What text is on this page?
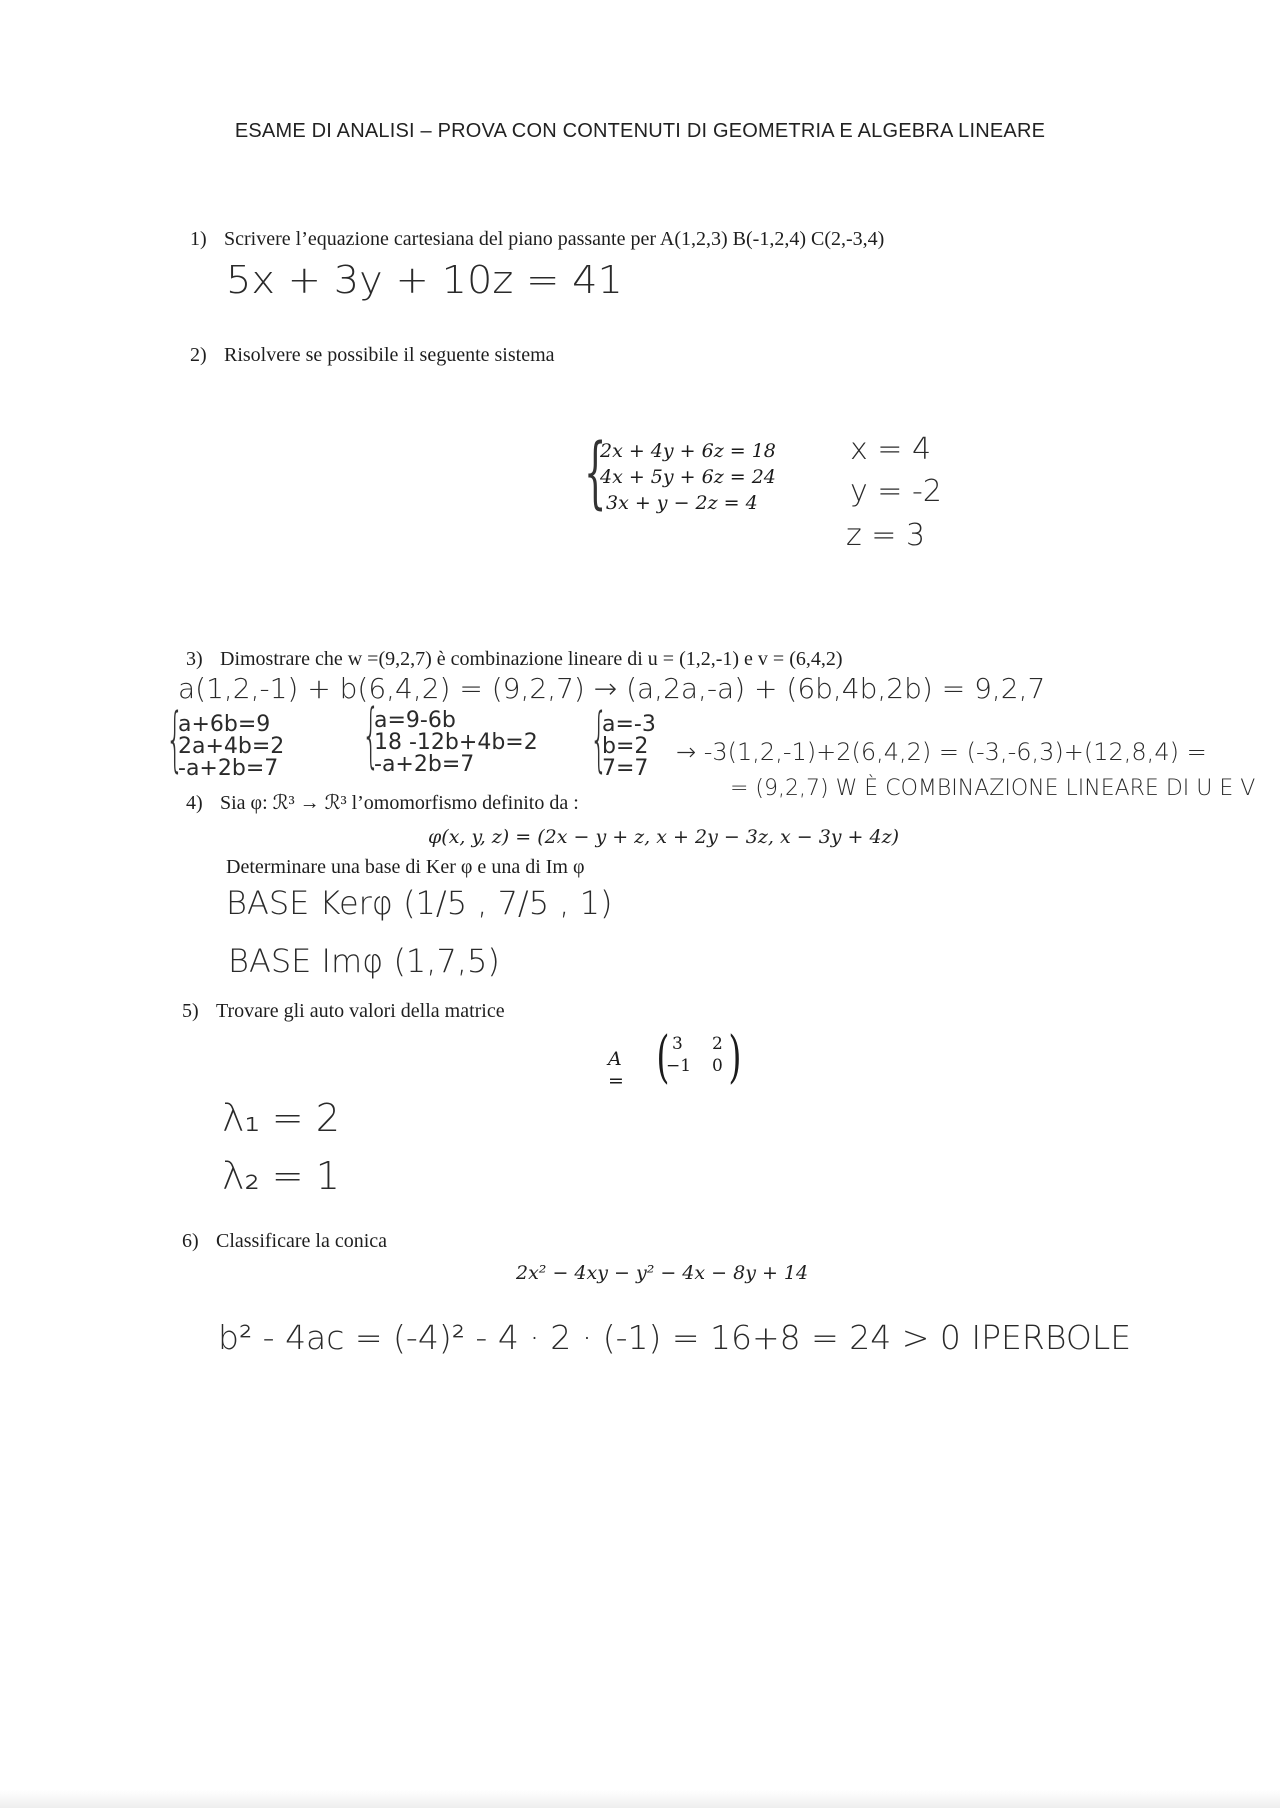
ESAME DI ANALISI – PROVA CON CONTENUTI DI GEOMETRIA E ALGEBRA LINEARE
1) Scrivere l’equazione cartesiana del piano passante per A(1,2,3) B(-1,2,4) C(2,-3,4)
5x + 3y + 10z = 41
2) Risolvere se possibile il seguente sistema
{
2x + 4y + 6z = 18
4x + 5y + 6z = 24
3x + y − 2z = 4
x = 4
y = -2
z = 3
3) Dimostrare che w =(9,2,7) è combinazione lineare di u = (1,2,-1) e v = (6,4,2)
a(1,2,-1) + b(6,4,2) = (9,2,7) → (a,2a,-a) + (6b,4b,2b) = 9,2,7
{
a+6b=9
2a+4b=2
-a+2b=7 {
a=9-6b
18 -12b+4b=2
-a+2b=7 {
a=-3
b=2
7=7
→ -3(1,2,-1)+2(6,4,2) = (-3,-6,3)+(12,8,4) =
= (9,2,7) W È COMBINAZIONE LINEARE DI U E V
4) Sia φ: ℛ³ → ℛ³ l’omomorfismo definito da :
φ(x, y, z) = (2x − y + z, x + 2y − 3z, x − 3y + 4z)
Determinare una base di Ker φ e una di Im φ
BASE Kerφ (1/5 , 7/5 , 1)
BASE Imφ (1,7,5)
5) Trovare gli auto valori della matrice
A = ( 3 2
−1 0 )
λ₁ = 2
λ₂ = 1
6) Classificare la conica
2x² − 4xy − y² − 4x − 8y + 14
b² - 4ac = (-4)² - 4 · 2 · (-1) = 16+8 = 24 > 0 IPERBOLE
